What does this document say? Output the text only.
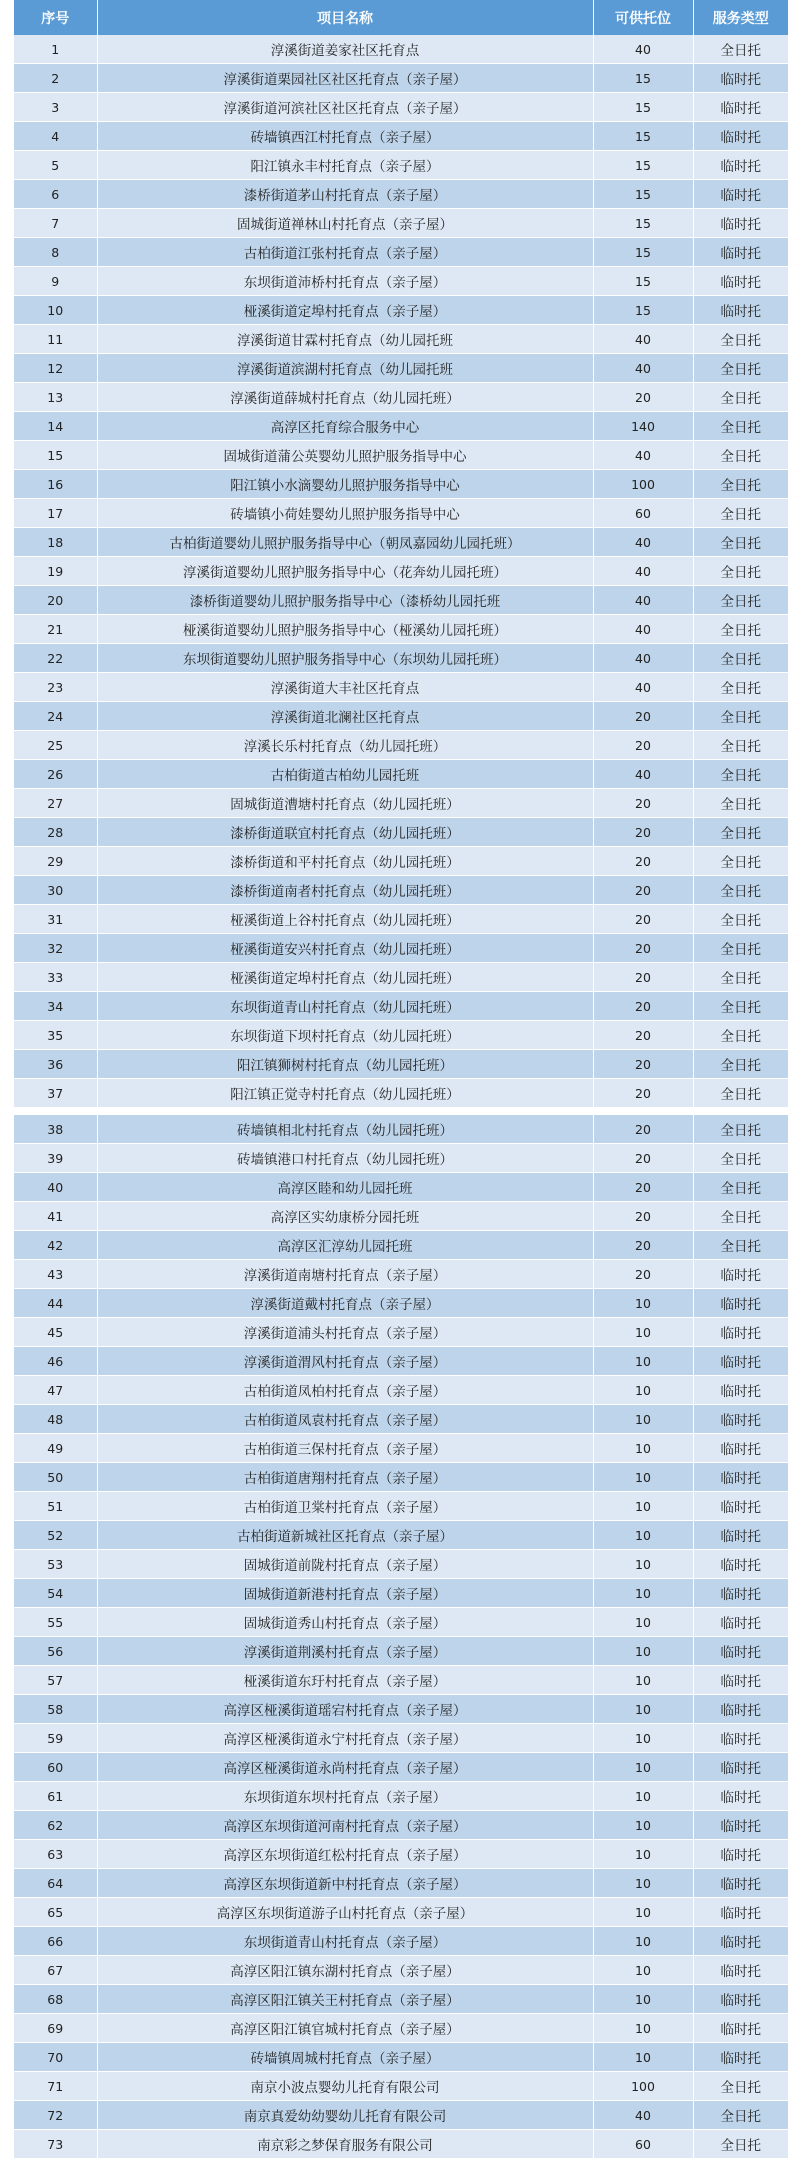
序号	项目名称	可供托位	服务类型
1	淳溪街道姜家社区托育点	40	全日托
2	淳溪街道栗园社区社区托育点（亲子屋）	15	临时托
3	淳溪街道河滨社区社区托育点（亲子屋）	15	临时托
4	砖墙镇西江村托育点（亲子屋）	15	临时托
5	阳江镇永丰村托育点（亲子屋）	15	临时托
6	漆桥街道茅山村托育点（亲子屋）	15	临时托
7	固城街道禅林山村托育点（亲子屋）	15	临时托
8	古柏街道江张村托育点（亲子屋）	15	临时托
9	东坝街道沛桥村托育点（亲子屋）	15	临时托
10	桠溪街道定埠村托育点（亲子屋）	15	临时托
11	淳溪街道甘霖村托育点（幼儿园托班	40	全日托
12	淳溪街道滨湖村托育点（幼儿园托班	40	全日托
13	淳溪街道薛城村托育点（幼儿园托班）	20	全日托
14	高淳区托育综合服务中心	140	全日托
15	固城街道蒲公英婴幼儿照护服务指导中心	40	全日托
16	阳江镇小水滴婴幼儿照护服务指导中心	100	全日托
17	砖墙镇小荷娃婴幼儿照护服务指导中心	60	全日托
18	古柏街道婴幼儿照护服务指导中心（朝凤嘉园幼儿园托班）	40	全日托
19	淳溪街道婴幼儿照护服务指导中心（花奔幼儿园托班）	40	全日托
20	漆桥街道婴幼儿照护服务指导中心（漆桥幼儿园托班	40	全日托
21	桠溪街道婴幼儿照护服务指导中心（桠溪幼儿园托班）	40	全日托
22	东坝街道婴幼儿照护服务指导中心（东坝幼儿园托班）	40	全日托
23	淳溪街道大丰社区托育点	40	全日托
24	淳溪街道北澜社区托育点	20	全日托
25	淳溪长乐村托育点（幼儿园托班）	20	全日托
26	古柏街道古柏幼儿园托班	40	全日托
27	固城街道漕塘村托育点（幼儿园托班）	20	全日托
28	漆桥街道联宜村托育点（幼儿园托班）	20	全日托
29	漆桥街道和平村托育点（幼儿园托班）	20	全日托
30	漆桥街道南者村托育点（幼儿园托班）	20	全日托
31	桠溪街道上谷村托育点（幼儿园托班）	20	全日托
32	桠溪街道安兴村托育点（幼儿园托班）	20	全日托
33	桠溪街道定埠村托育点（幼儿园托班）	20	全日托
34	东坝街道青山村托育点（幼儿园托班）	20	全日托
35	东坝街道下坝村托育点（幼儿园托班）	20	全日托
36	阳江镇狮树村托育点（幼儿园托班）	20	全日托
37	阳江镇正觉寺村托育点（幼儿园托班）	20	全日托

38	砖墙镇相北村托育点（幼儿园托班）	20	全日托
39	砖墙镇港口村托育点（幼儿园托班）	20	全日托
40	高淳区睦和幼儿园托班	20	全日托
41	高淳区实幼康桥分园托班	20	全日托
42	高淳区汇淳幼儿园托班	20	全日托
43	淳溪街道南塘村托育点（亲子屋）	20	临时托
44	淳溪街道戴村托育点（亲子屋）	10	临时托
45	淳溪街道浦头村托育点（亲子屋）	10	临时托
46	淳溪街道渭风村托育点（亲子屋）	10	临时托
47	古柏街道凤柏村托育点（亲子屋）	10	临时托
48	古柏街道凤袁村托育点（亲子屋）	10	临时托
49	古柏街道三保村托育点（亲子屋）	10	临时托
50	古柏街道唐翔村托育点（亲子屋）	10	临时托
51	古柏街道卫棠村托育点（亲子屋）	10	临时托
52	古柏街道新城社区托育点（亲子屋）	10	临时托
53	固城街道前陇村托育点（亲子屋）	10	临时托
54	固城街道新港村托育点（亲子屋）	10	临时托
55	固城街道秀山村托育点（亲子屋）	10	临时托
56	淳溪街道荆溪村托育点（亲子屋）	10	临时托
57	桠溪街道东玗村托育点（亲子屋）	10	临时托
58	高淳区桠溪街道瑶宕村托育点（亲子屋）	10	临时托
59	高淳区桠溪街道永宁村托育点（亲子屋）	10	临时托
60	高淳区桠溪街道永尚村托育点（亲子屋）	10	临时托
61	东坝街道东坝村托育点（亲子屋）	10	临时托
62	高淳区东坝街道河南村托育点（亲子屋）	10	临时托
63	高淳区东坝街道红松村托育点（亲子屋）	10	临时托
64	高淳区东坝街道新中村托育点（亲子屋）	10	临时托
65	高淳区东坝街道游子山村托育点（亲子屋）	10	临时托
66	东坝街道青山村托育点（亲子屋）	10	临时托
67	高淳区阳江镇东湖村托育点（亲子屋）	10	临时托
68	高淳区阳江镇关王村托育点（亲子屋）	10	临时托
69	高淳区阳江镇官城村托育点（亲子屋）	10	临时托
70	砖墙镇周城村托育点（亲子屋）	10	临时托
71	南京小波点婴幼儿托育有限公司	100	全日托
72	南京真爱幼幼婴幼儿托育有限公司	40	全日托
73	南京彩之梦保育服务有限公司	60	全日托
